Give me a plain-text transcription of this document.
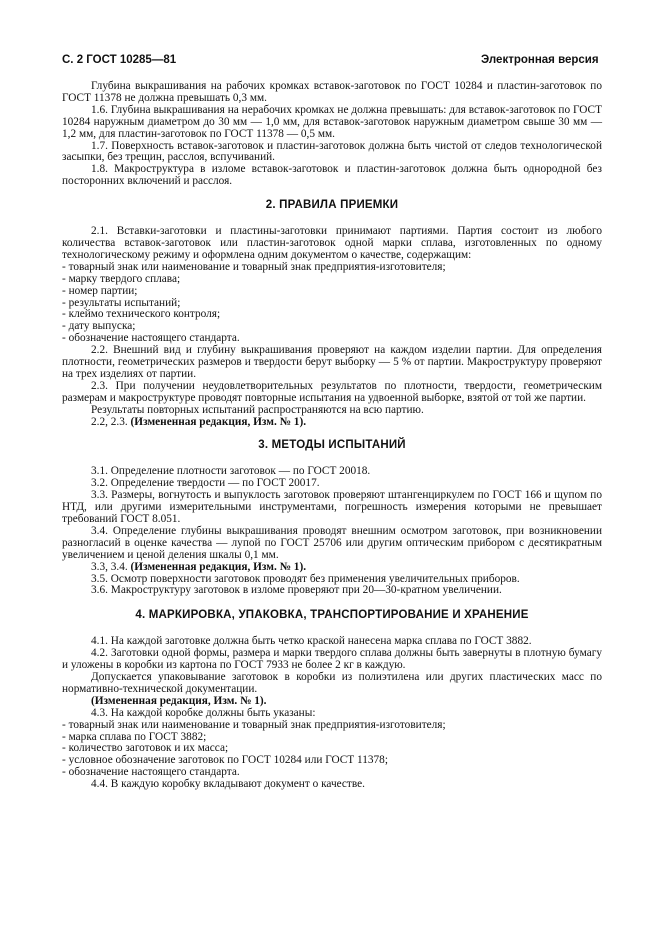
С. 2 ГОСТ 10285—81	Электронная версия

Глубина выкрашивания на рабочих кромках вставок-заготовок по ГОСТ 10284 и пластин-заготовок по ГОСТ 11378 не должна превышать 0,3 мм.

1.6. Глубина выкрашивания на нерабочих кромках не должна превышать: для вставок-заготовок по ГОСТ 10284 наружным диаметром до 30 мм — 1,0 мм, для вставок-заготовок наружным диаметром свыше 30 мм — 1,2 мм, для пластин-заготовок по ГОСТ 11378 — 0,5 мм.

1.7. Поверхность вставок-заготовок и пластин-заготовок должна быть чистой от следов технологической засыпки, без трещин, расслоя, вспучиваний.

1.8. Макроструктура в изломе вставок-заготовок и пластин-заготовок должна быть однородной без посторонних включений и расслоя.

2. ПРАВИЛА ПРИЕМКИ

2.1. Вставки-заготовки и пластины-заготовки принимают партиями. Партия состоит из любого количества вставок-заготовок или пластин-заготовок одной марки сплава, изготовленных по одному технологическому режиму и оформлена одним документом о качестве, содержащим:

- товарный знак или наименование и товарный знак предприятия-изготовителя;

- марку твердого сплава;

- номер партии;

- результаты испытаний;

- клеймо технического контроля;

- дату выпуска;

- обозначение настоящего стандарта.

2.2. Внешний вид и глубину выкрашивания проверяют на каждом изделии партии. Для определения плотности, геометрических размеров и твердости берут выборку — 5 % от партии. Макроструктуру проверяют на трех изделиях от партии.

2.3. При получении неудовлетворительных результатов по плотности, твердости, геометрическим размерам и макроструктуре проводят повторные испытания на удвоенной выборке, взятой от той же партии.

Результаты повторных испытаний распространяются на всю партию.

2.2, 2.3. (Измененная редакция, Изм. № 1).

3. МЕТОДЫ ИСПЫТАНИЙ

3.1. Определение плотности заготовок — по ГОСТ 20018.

3.2. Определение твердости — по ГОСТ 20017.

3.3. Размеры, вогнутость и выпуклость заготовок проверяют штангенциркулем по ГОСТ 166 и щупом по НТД, или другими измерительными инструментами, погрешность измерения которыми не превышает требований ГОСТ 8.051.

3.4. Определение глубины выкрашивания проводят внешним осмотром заготовок, при возникновении разногласий в оценке качества — лупой по ГОСТ 25706 или другим оптическим прибором с десятикратным увеличением и ценой деления шкалы 0,1 мм.

3.3, 3.4. (Измененная редакция, Изм. № 1).

3.5. Осмотр поверхности заготовок проводят без применения увеличительных приборов.

3.6. Макроструктуру заготовок в изломе проверяют при 20—30-кратном увеличении.

4. МАРКИРОВКА, УПАКОВКА, ТРАНСПОРТИРОВАНИЕ И ХРАНЕНИЕ

4.1. На каждой заготовке должна быть четко краской нанесена марка сплава по ГОСТ 3882.

4.2. Заготовки одной формы, размера и марки твердого сплава должны быть завернуты в плотную бумагу и уложены в коробки из картона по ГОСТ 7933 не более 2 кг в каждую.

Допускается упаковывание заготовок в коробки из полиэтилена или других пластических масс по нормативно-технической документации.

(Измененная редакция, Изм. № 1).

4.3. На каждой коробке должны быть указаны:

- товарный знак или наименование и товарный знак предприятия-изготовителя;

- марка сплава по ГОСТ 3882;

- количество заготовок и их масса;

- условное обозначение заготовок по ГОСТ 10284 или ГОСТ 11378;

- обозначение настоящего стандарта.

4.4. В каждую коробку вкладывают документ о качестве.
